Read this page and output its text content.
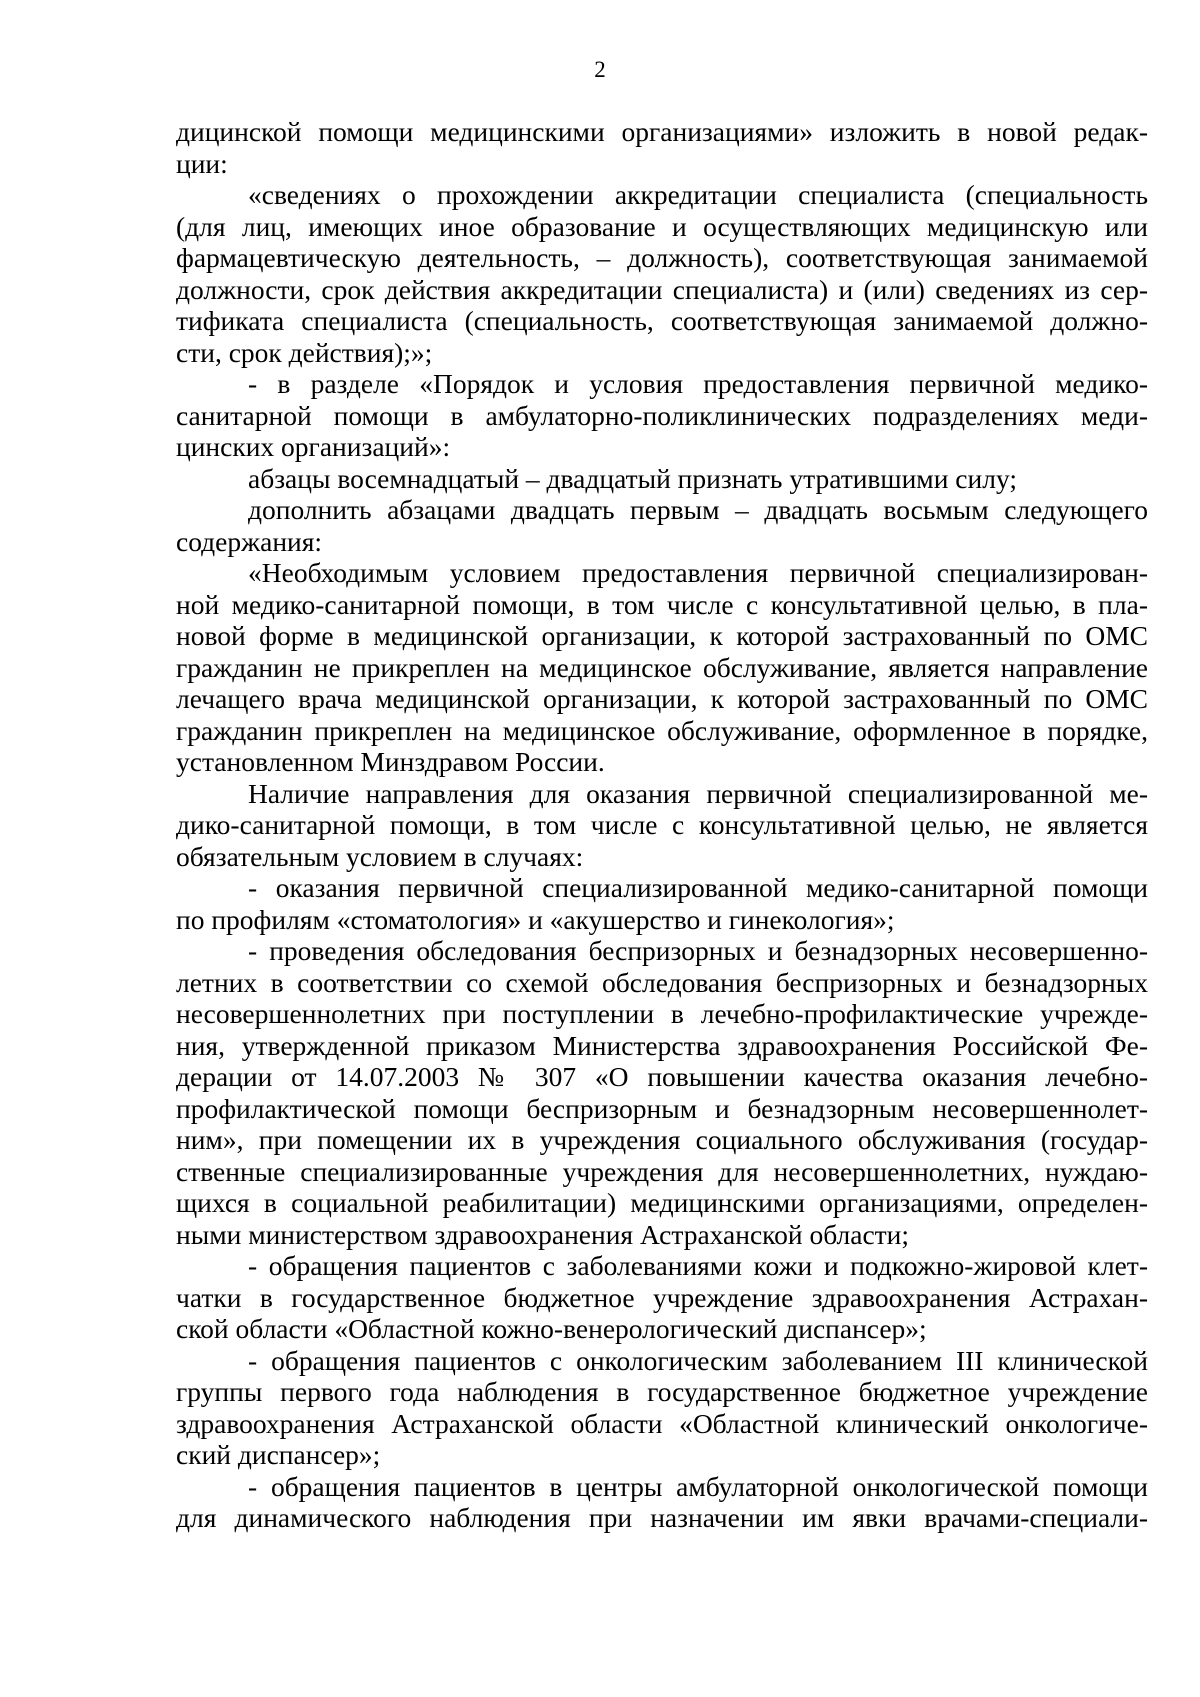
2
дицинской помощи медицинскими организациями» изложить в новой редак-
ции:
«сведениях о прохождении аккредитации специалиста (специальность
(для лиц, имеющих иное образование и осуществляющих медицинскую или
фармацевтическую деятельность, – должность), соответствующая занимаемой
должности, срок действия аккредитации специалиста) и (или) сведениях из сер-
тификата специалиста (специальность, соответствующая занимаемой должно-
сти, срок действия);»;
- в разделе «Порядок и условия предоставления первичной медико-
санитарной помощи в амбулаторно-поликлинических подразделениях меди-
цинских организаций»:
абзацы восемнадцатый – двадцатый признать утратившими силу;
дополнить абзацами двадцать первым – двадцать восьмым следующего
содержания:
«Необходимым условием предоставления первичной специализирован-
ной медико-санитарной помощи, в том числе с консультативной целью, в пла-
новой форме в медицинской организации, к которой застрахованный по ОМС
гражданин не прикреплен на медицинское обслуживание, является направление
лечащего врача медицинской организации, к которой застрахованный по ОМС
гражданин прикреплен на медицинское обслуживание, оформленное в порядке,
установленном Минздравом России.
Наличие направления для оказания первичной специализированной ме-
дико-санитарной помощи, в том числе с консультативной целью, не является
обязательным условием в случаях:
- оказания первичной специализированной медико-санитарной помощи
по профилям «стоматология» и «акушерство и гинекология»;
- проведения обследования беспризорных и безнадзорных несовершенно-
летних в соответствии со схемой обследования беспризорных и безнадзорных
несовершеннолетних при поступлении в лечебно-профилактические учрежде-
ния, утвержденной приказом Министерства здравоохранения Российской Фе-
дерации от 14.07.2003 № 307 «О повышении качества оказания лечебно-
профилактической помощи беспризорным и безнадзорным несовершеннолет-
ним», при помещении их в учреждения социального обслуживания (государ-
ственные специализированные учреждения для несовершеннолетних, нуждаю-
щихся в социальной реабилитации) медицинскими организациями, определен-
ными министерством здравоохранения Астраханской области;
- обращения пациентов с заболеваниями кожи и подкожно-жировой клет-
чатки в государственное бюджетное учреждение здравоохранения Астрахан-
ской области «Областной кожно-венерологический диспансер»;
- обращения пациентов с онкологическим заболеванием III клинической
группы первого года наблюдения в государственное бюджетное учреждение
здравоохранения Астраханской области «Областной клинический онкологиче-
ский диспансер»;
- обращения пациентов в центры амбулаторной онкологической помощи
для динамического наблюдения при назначении им явки врачами-специали-
